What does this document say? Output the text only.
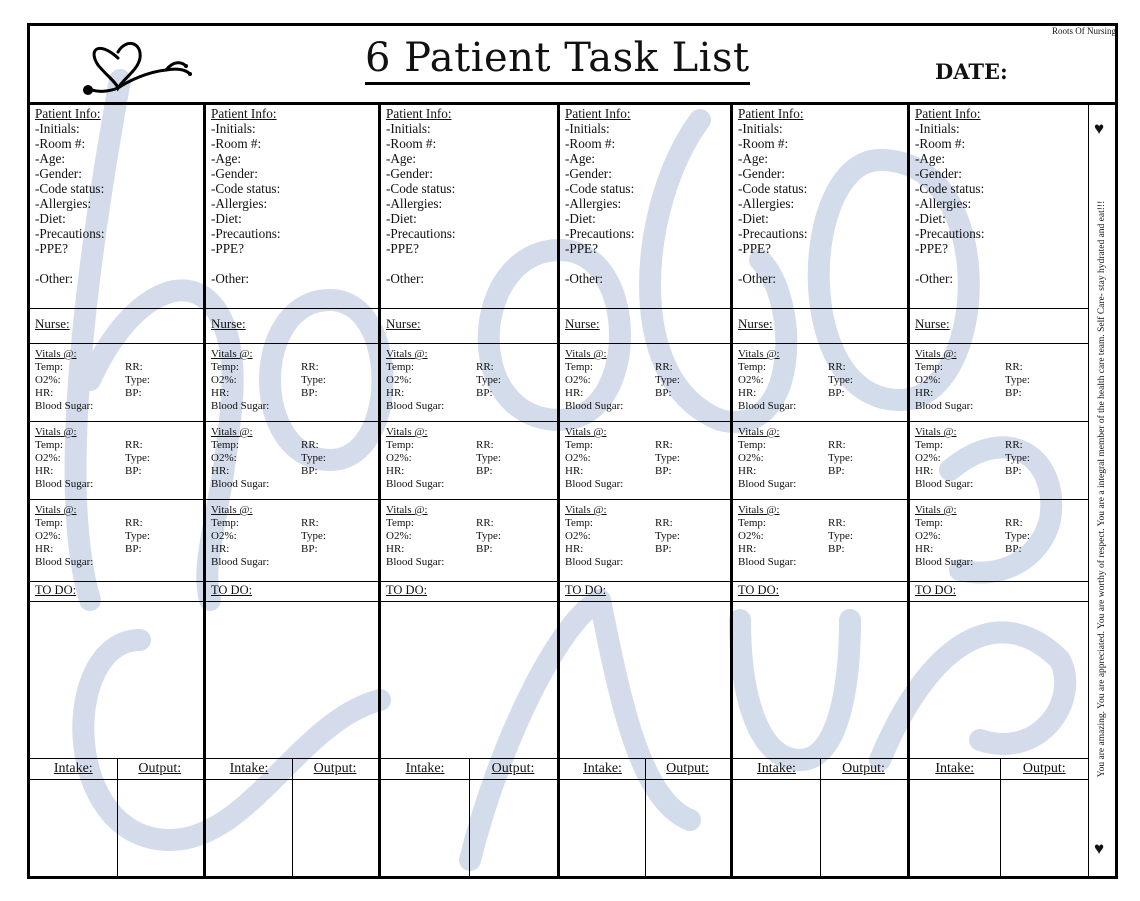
Roots Of Nursing
6 Patient Task List	DATE:
Patient Info:
-Initials:
-Room #:
-Age:
-Gender:
-Code status:
-Allergies:
-Diet:
-Precautions:
-PPE?
-Other:
Nurse:
Vitals @:
Temp:	RR:
O2%:	Type:
HR:	BP:
Blood Sugar:
Vitals @:
Temp:	RR:
O2%:	Type:
HR:	BP:
Blood Sugar:
Vitals @:
Temp:	RR:
O2%:	Type:
HR:	BP:
Blood Sugar:
TO DO:
Intake:	Output:
Patient Info:
-Initials:
-Room #:
-Age:
-Gender:
-Code status:
-Allergies:
-Diet:
-Precautions:
-PPE?
-Other:
Nurse:
Vitals @:
Temp:	RR:
O2%:	Type:
HR:	BP:
Blood Sugar:
Vitals @:
Temp:	RR:
O2%:	Type:
HR:	BP:
Blood Sugar:
Vitals @:
Temp:	RR:
O2%:	Type:
HR:	BP:
Blood Sugar:
TO DO:
Intake:	Output:
Patient Info:
-Initials:
-Room #:
-Age:
-Gender:
-Code status:
-Allergies:
-Diet:
-Precautions:
-PPE?
-Other:
Nurse:
Vitals @:
Temp:	RR:
O2%:	Type:
HR:	BP:
Blood Sugar:
Vitals @:
Temp:	RR:
O2%:	Type:
HR:	BP:
Blood Sugar:
Vitals @:
Temp:	RR:
O2%:	Type:
HR:	BP:
Blood Sugar:
TO DO:
Intake:	Output:
Patient Info:
-Initials:
-Room #:
-Age:
-Gender:
-Code status:
-Allergies:
-Diet:
-Precautions:
-PPE?
-Other:
Nurse:
Vitals @:
Temp:	RR:
O2%:	Type:
HR:	BP:
Blood Sugar:
Vitals @:
Temp:	RR:
O2%:	Type:
HR:	BP:
Blood Sugar:
Vitals @:
Temp:	RR:
O2%:	Type:
HR:	BP:
Blood Sugar:
TO DO:
Intake:	Output:
Patient Info:
-Initials:
-Room #:
-Age:
-Gender:
-Code status:
-Allergies:
-Diet:
-Precautions:
-PPE?
-Other:
Nurse:
Vitals @:
Temp:	RR:
O2%:	Type:
HR:	BP:
Blood Sugar:
Vitals @:
Temp:	RR:
O2%:	Type:
HR:	BP:
Blood Sugar:
Vitals @:
Temp:	RR:
O2%:	Type:
HR:	BP:
Blood Sugar:
TO DO:
Intake:	Output:
Patient Info:
-Initials:
-Room #:
-Age:
-Gender:
-Code status:
-Allergies:
-Diet:
-Precautions:
-PPE?
-Other:
Nurse:
Vitals @:
Temp:	RR:
O2%:	Type:
HR:	BP:
Blood Sugar:
Vitals @:
Temp:	RR:
O2%:	Type:
HR:	BP:
Blood Sugar:
Vitals @:
Temp:	RR:
O2%:	Type:
HR:	BP:
Blood Sugar:
TO DO:
Intake:	Output:
♥
You are amazing. You are appreciated. You are worthy of respect. You are a integral member of the health care team. Self Care- stay hydrated and eat!!!
♥
